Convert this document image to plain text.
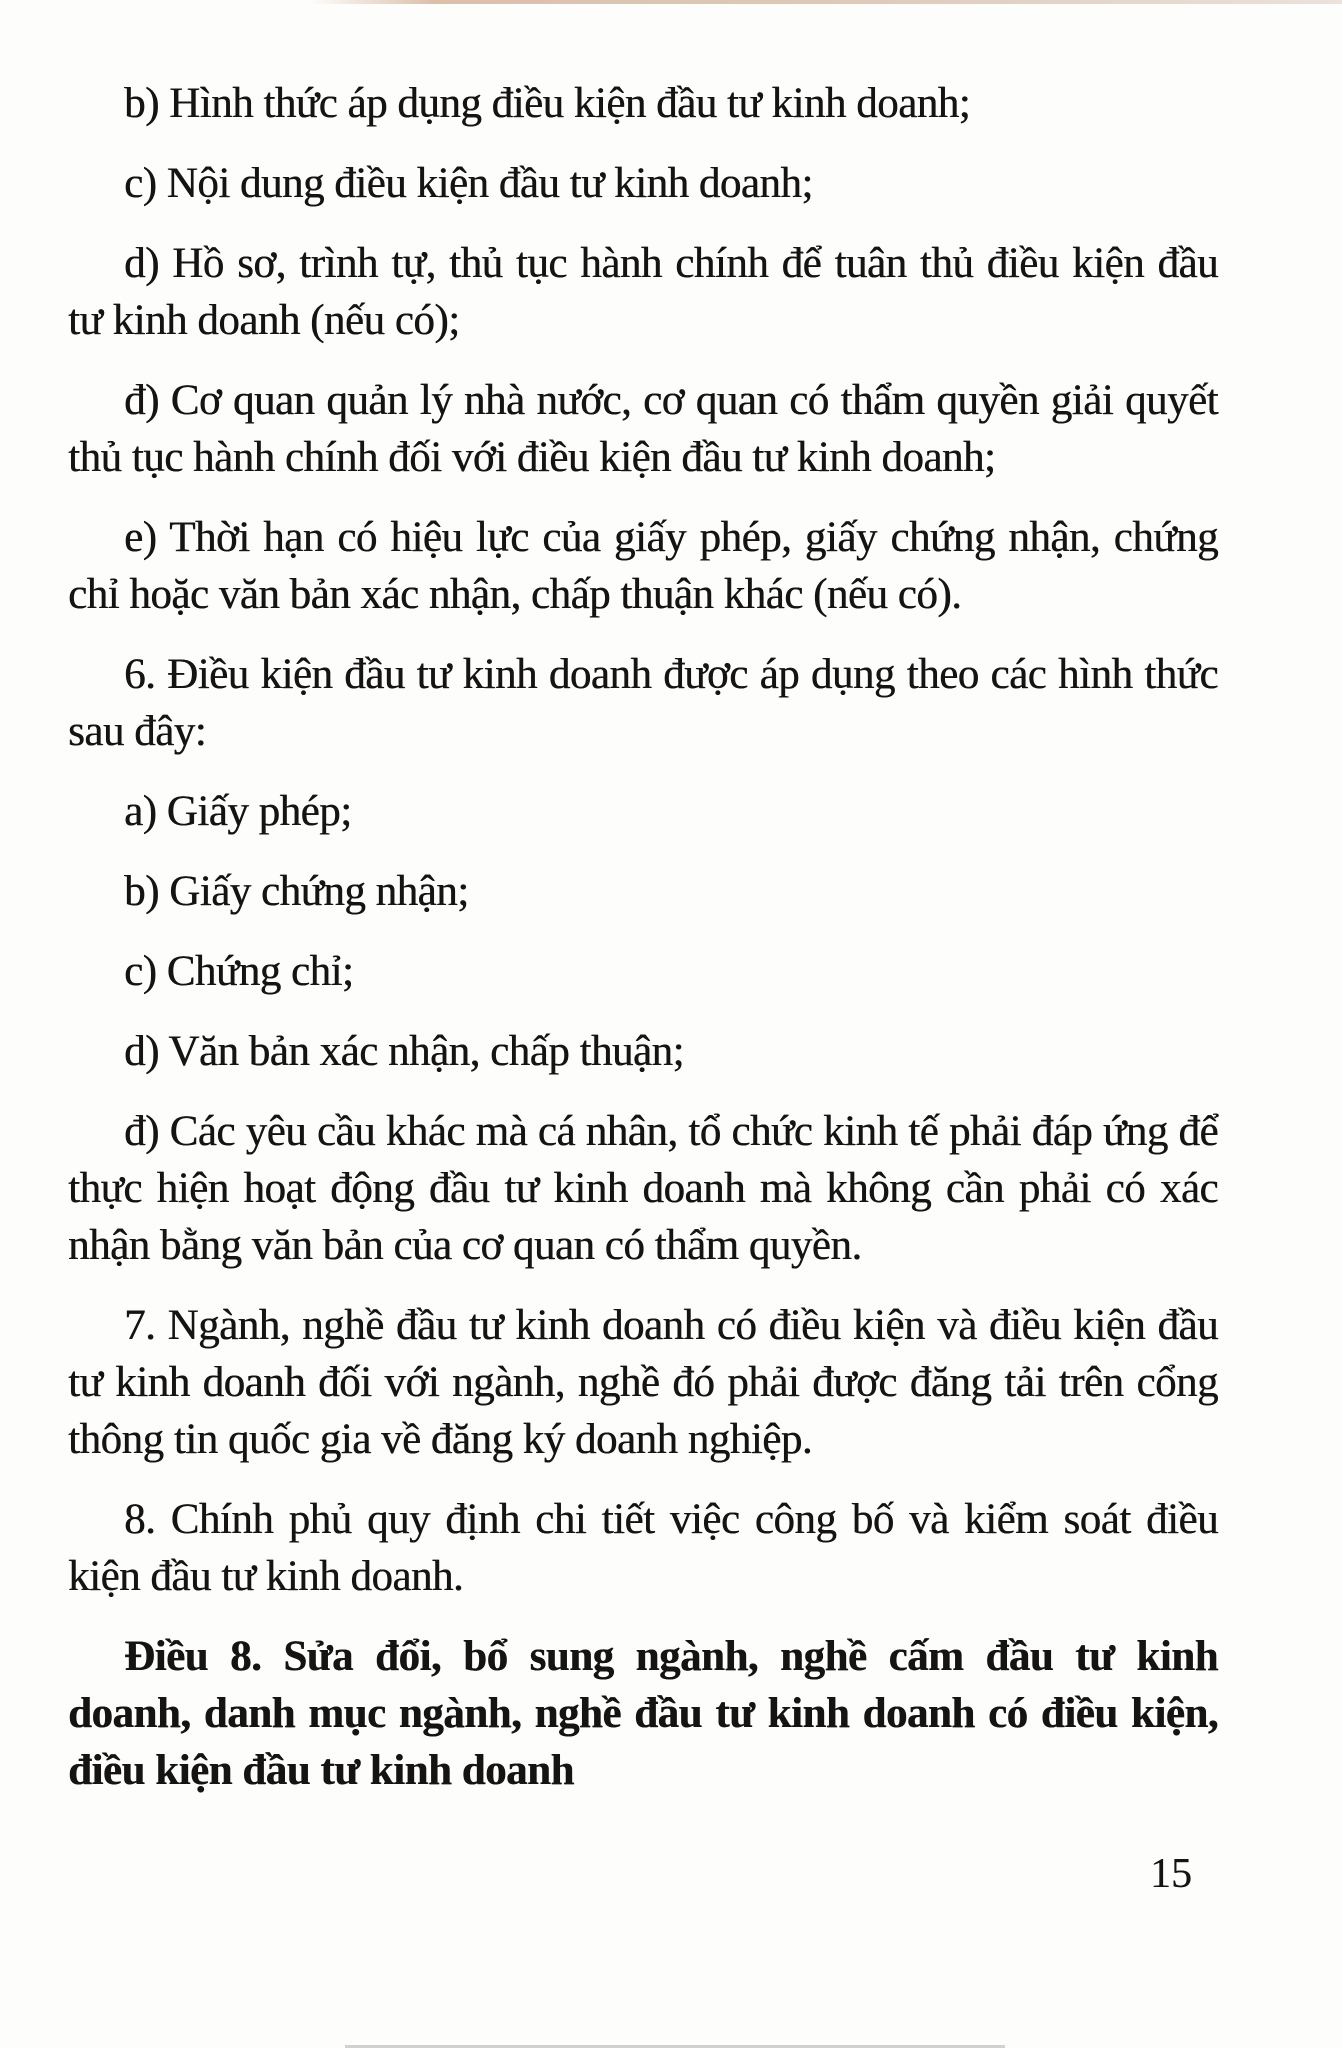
b) Hình thức áp dụng điều kiện đầu tư kinh doanh;

c) Nội dung điều kiện đầu tư kinh doanh;

d) Hồ sơ, trình tự, thủ tục hành chính để tuân thủ điều kiện đầu tư kinh doanh (nếu có);

đ) Cơ quan quản lý nhà nước, cơ quan có thẩm quyền giải quyết thủ tục hành chính đối với điều kiện đầu tư kinh doanh;

e) Thời hạn có hiệu lực của giấy phép, giấy chứng nhận, chứng chỉ hoặc văn bản xác nhận, chấp thuận khác (nếu có).

6. Điều kiện đầu tư kinh doanh được áp dụng theo các hình thức sau đây:

a) Giấy phép;

b) Giấy chứng nhận;

c) Chứng chỉ;

d) Văn bản xác nhận, chấp thuận;

đ) Các yêu cầu khác mà cá nhân, tổ chức kinh tế phải đáp ứng để thực hiện hoạt động đầu tư kinh doanh mà không cần phải có xác nhận bằng văn bản của cơ quan có thẩm quyền.

7. Ngành, nghề đầu tư kinh doanh có điều kiện và điều kiện đầu tư kinh doanh đối với ngành, nghề đó phải được đăng tải trên cổng thông tin quốc gia về đăng ký doanh nghiệp.

8. Chính phủ quy định chi tiết việc công bố và kiểm soát điều kiện đầu tư kinh doanh.

Điều 8. Sửa đổi, bổ sung ngành, nghề cấm đầu tư kinh doanh, danh mục ngành, nghề đầu tư kinh doanh có điều kiện, điều kiện đầu tư kinh doanh

15
